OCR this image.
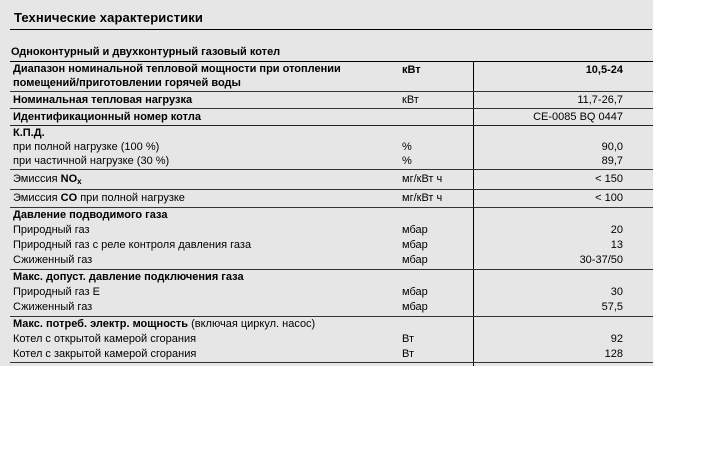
Технические характеристики
Одноконтурный и двухконтурный газовый котел
Диапазон номинальной тепловой мощности при отоплении помещений/приготовлении горячей воды
кВт	10,5-24
Номинальная тепловая нагрузка	кВт	11,7-26,7
Идентификационный номер котла	CE-0085 BQ 0447
К.П.Д.
при полной нагрузке (100 %)	%	90,0
при частичной нагрузке (30 %)	%	89,7
Эмиссия $NO_x$	мг/кВт ч	< 150
Эмиссия CO при полной нагрузке	мг/кВт ч	< 100
Давление подводимого газа
Природный газ	мбар	20
Природный газ с реле контроля давления газа	мбар	13
Сжиженный газ	мбар	30-37/50
Макс. допуст. давление подключения газа
Природный газ E	мбар	30
Сжиженный газ	мбар	57,5
Макс. потреб. электр. мощность (включая циркул. насос)
Котел с открытой камерой сгорания	Вт	92
Котел с закрытой камерой сгорания	Вт	128
